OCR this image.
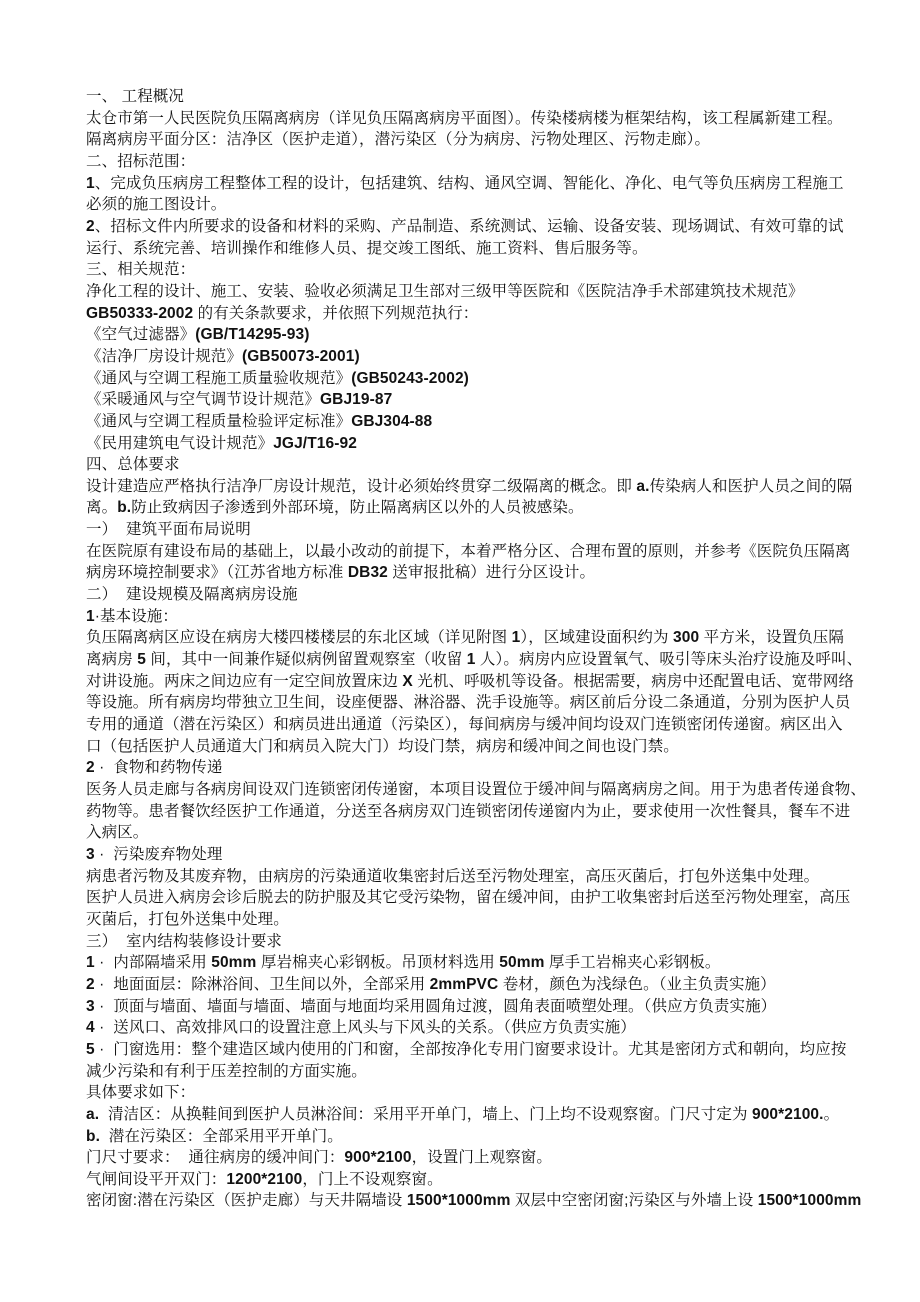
一、 工程概况
太仓市第一人民医院负压隔离病房（详见负压隔离病房平面图）。传染楼病楼为框架结构，该工程属新建工程。
隔离病房平面分区：洁净区（医护走道），潜污染区（分为病房、污物处理区、污物走廊）。
二、招标范围：
1、完成负压病房工程整体工程的设计，包括建筑、结构、通风空调、智能化、净化、电气等负压病房工程施工
必须的施工图设计。
2、招标文件内所要求的设备和材料的采购、产品制造、系统测试、运输、设备安装、现场调试、有效可靠的试
运行、系统完善、培训操作和维修人员、提交竣工图纸、施工资料、售后服务等。
三、相关规范：
净化工程的设计、施工、安装、验收必须满足卫生部对三级甲等医院和《医院洁净手术部建筑技术规范》
GB50333-2002 的有关条款要求，并依照下列规范执行：
《空气过滤器》(GB/T14295-93)
《洁净厂房设计规范》(GB50073-2001)
《通风与空调工程施工质量验收规范》(GB50243-2002)
《采暖通风与空气调节设计规范》GBJ19-87
《通风与空调工程质量检验评定标准》GBJ304-88
《民用建筑电气设计规范》JGJ/T16-92
四、总体要求
设计建造应严格执行洁净厂房设计规范，设计必须始终贯穿二级隔离的概念。即 a.传染病人和医护人员之间的隔
离。b.防止致病因子渗透到外部环境，防止隔离病区以外的人员被感染。
一）  建筑平面布局说明
在医院原有建设布局的基础上，以最小改动的前提下，本着严格分区、合理布置的原则，并参考《医院负压隔离
病房环境控制要求》（江苏省地方标准 DB32 送审报批稿）进行分区设计。
二）  建设规模及隔离病房设施
1·基本设施：
负压隔离病区应设在病房大楼四楼楼层的东北区域（详见附图 1），区域建设面积约为 300 平方米，设置负压隔
离病房 5 间，其中一间兼作疑似病例留置观察室（收留 1 人）。病房内应设置氧气、吸引等床头治疗设施及呼叫、
对讲设施。两床之间边应有一定空间放置床边 X 光机、呼吸机等设备。根据需要，病房中还配置电话、宽带网络
等设施。所有病房均带独立卫生间，设座便器、淋浴器、洗手设施等。病区前后分设二条通道，分别为医护人员
专用的通道（潜在污染区）和病员进出通道（污染区），每间病房与缓冲间均设双门连锁密闭传递窗。病区出入
口（包括医护人员通道大门和病员入院大门）均设门禁，病房和缓冲间之间也设门禁。
2 ·  食物和药物传递
医务人员走廊与各病房间设双门连锁密闭传递窗，本项目设置位于缓冲间与隔离病房之间。用于为患者传递食物、
药物等。患者餐饮经医护工作通道，分送至各病房双门连锁密闭传递窗内为止，要求使用一次性餐具，餐车不进
入病区。
3 ·  污染废弃物处理
病患者污物及其废弃物，由病房的污染通道收集密封后送至污物处理室，高压灭菌后，打包外送集中处理。
医护人员进入病房会诊后脱去的防护服及其它受污染物，留在缓冲间，由护工收集密封后送至污物处理室，高压
灭菌后，打包外送集中处理。
三）  室内结构装修设计要求
1 ·  内部隔墙采用 50mm 厚岩棉夹心彩钢板。吊顶材料选用 50mm 厚手工岩棉夹心彩钢板。
2 ·  地面面层：除淋浴间、卫生间以外，全部采用 2mmPVC 卷材，颜色为浅绿色。（业主负责实施）
3 ·  顶面与墙面、墙面与墙面、墙面与地面均采用圆角过渡，圆角表面喷塑处理。（供应方负责实施）
4 ·  送风口、高效排风口的设置注意上风头与下风头的关系。（供应方负责实施）
5 ·  门窗选用：整个建造区域内使用的门和窗，全部按净化专用门窗要求设计。尤其是密闭方式和朝向，均应按
减少污染和有利于压差控制的方面实施。
具体要求如下：
a.  清洁区：从换鞋间到医护人员淋浴间：采用平开单门，墙上、门上均不设观察窗。门尺寸定为 900*2100.。
b.  潜在污染区：全部采用平开单门。
门尺寸要求：  通往病房的缓冲间门：900*2100，设置门上观察窗。
气闸间设平开双门：1200*2100，门上不设观察窗。
密闭窗:潜在污染区（医护走廊）与天井隔墙设 1500*1000mm 双层中空密闭窗;污染区与外墙上设 1500*1000mm
